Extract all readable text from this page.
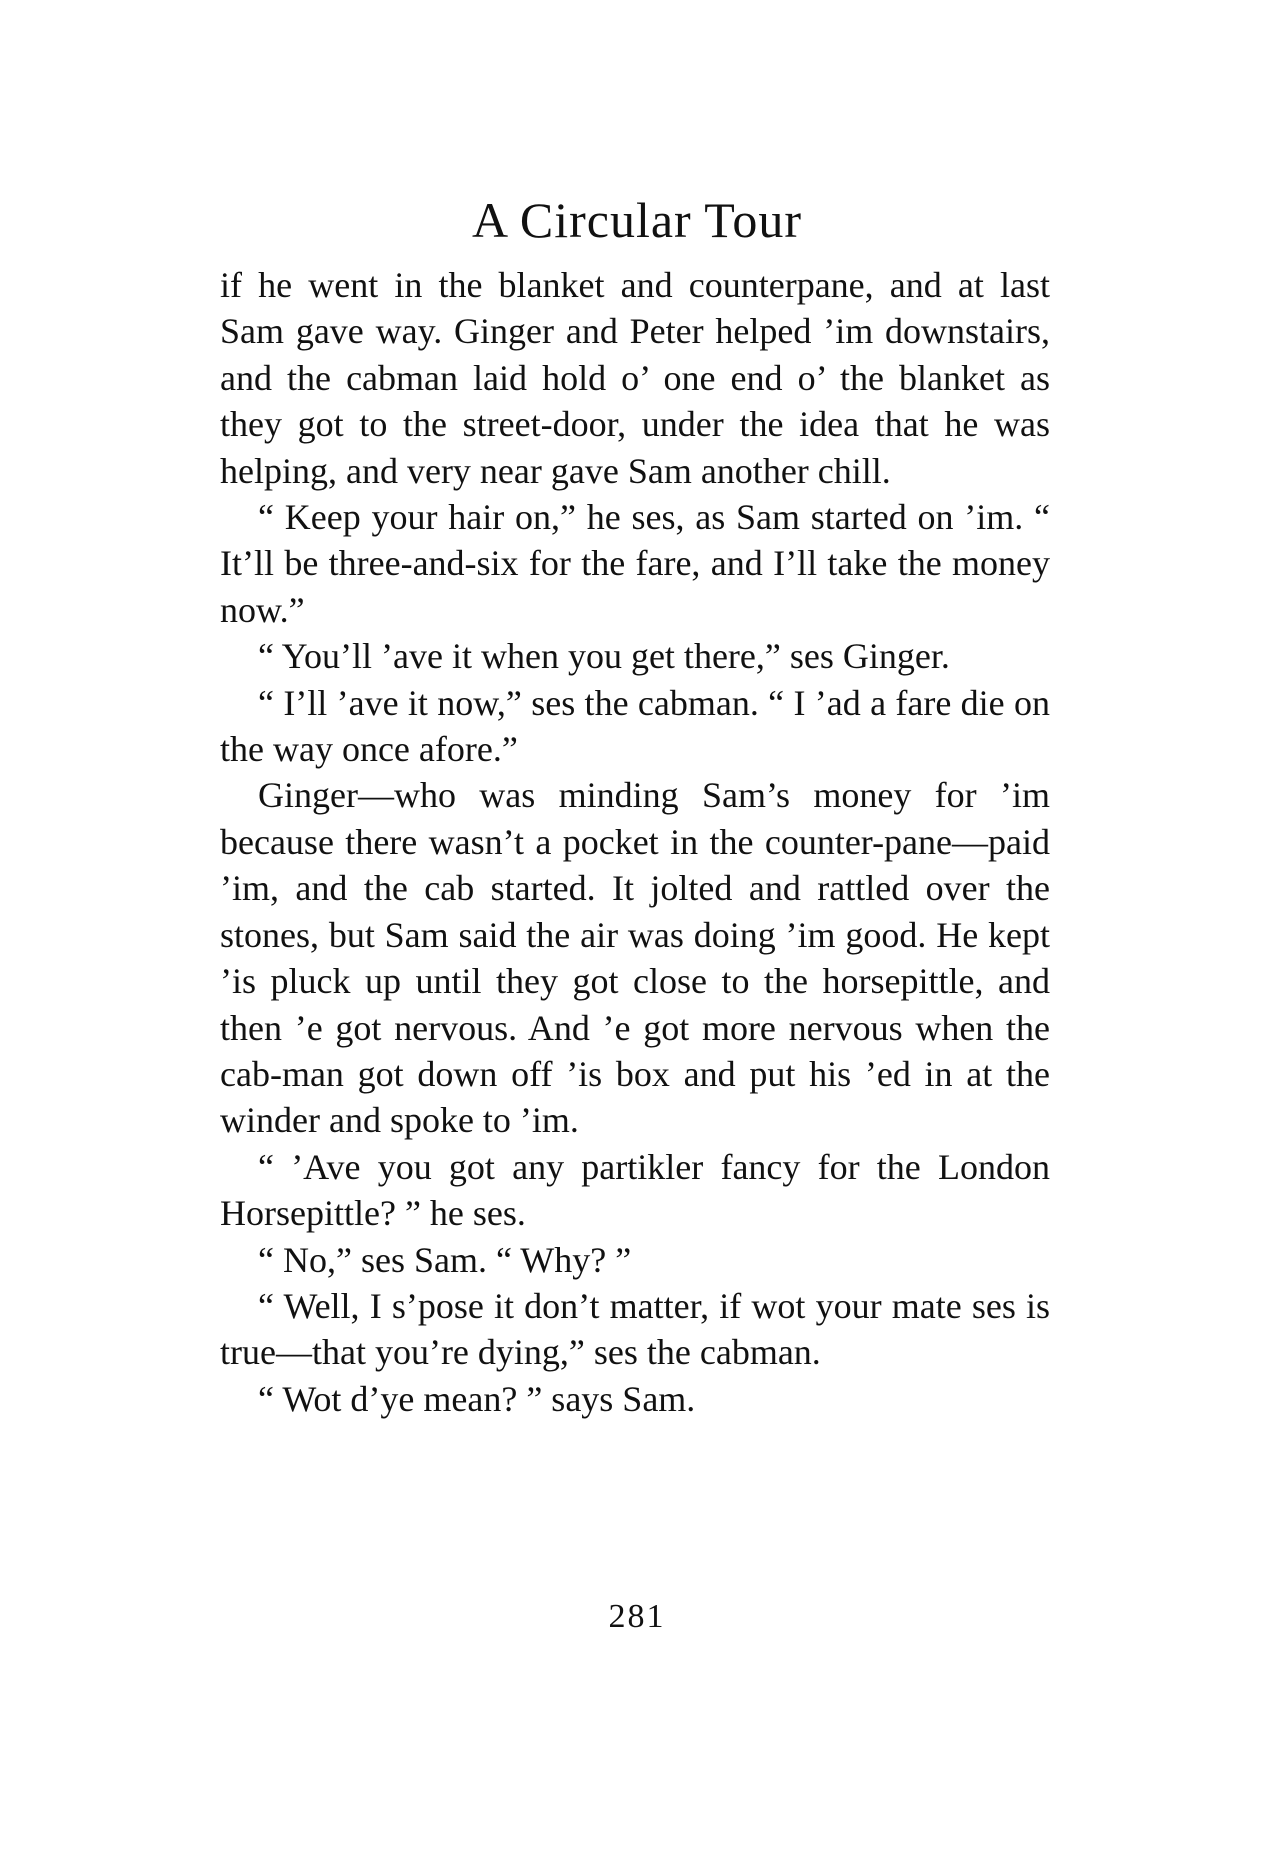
A Circular Tour

if he went in the blanket and counterpane, and at last Sam gave way. Ginger and Peter helped ’im downstairs, and the cabman laid hold o’ one end o’ the blanket as they got to the street-door, under the idea that he was helping, and very near gave Sam another chill.

“ Keep your hair on,” he ses, as Sam started on ’im. “ It’ll be three-and-six for the fare, and I’ll take the money now.”

“ You’ll ’ave it when you get there,” ses Ginger.

“ I’ll ’ave it now,” ses the cabman. “ I ’ad a fare die on the way once afore.”

Ginger—who was minding Sam’s money for ’im because there wasn’t a pocket in the counter-pane—paid ’im, and the cab started. It jolted and rattled over the stones, but Sam said the air was doing ’im good. He kept ’is pluck up until they got close to the horsepittle, and then ’e got nervous. And ’e got more nervous when the cab-man got down off ’is box and put his ’ed in at the winder and spoke to ’im.

“ ’Ave you got any partikler fancy for the London Horsepittle? ” he ses.

“ No,” ses Sam. “ Why? ”

“ Well, I s’pose it don’t matter, if wot your mate ses is true—that you’re dying,” ses the cabman.

“ Wot d’ye mean? ” says Sam.

281
